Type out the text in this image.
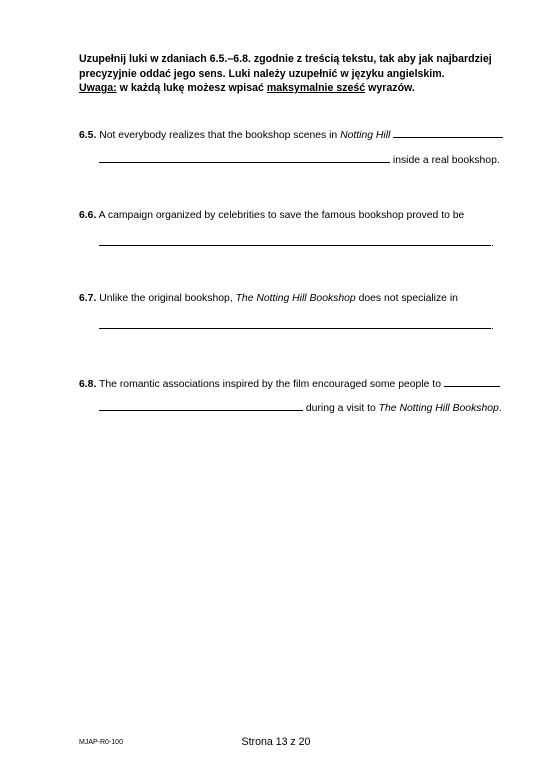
Uzupełnij luki w zdaniach 6.5.–6.8. zgodnie z treścią tekstu, tak aby jak najbardziej

precyzyjnie oddać jego sens. Luki należy uzupełnić w języku angielskim.

Uwaga: w każdą lukę możesz wpisać maksymalnie sześć wyrazów.

6.5. Not everybody realizes that the bookshop scenes in Notting Hill
inside a real bookshop.
6.6. A campaign organized by celebrities to save the famous bookshop proved to be
.
6.7. Unlike the original bookshop, The Notting Hill Bookshop does not specialize in
.
6.8. The romantic associations inspired by the film encouraged some people to
during a visit to The Notting Hill Bookshop.
MJAP-R0-100	Strona 13 z 20
